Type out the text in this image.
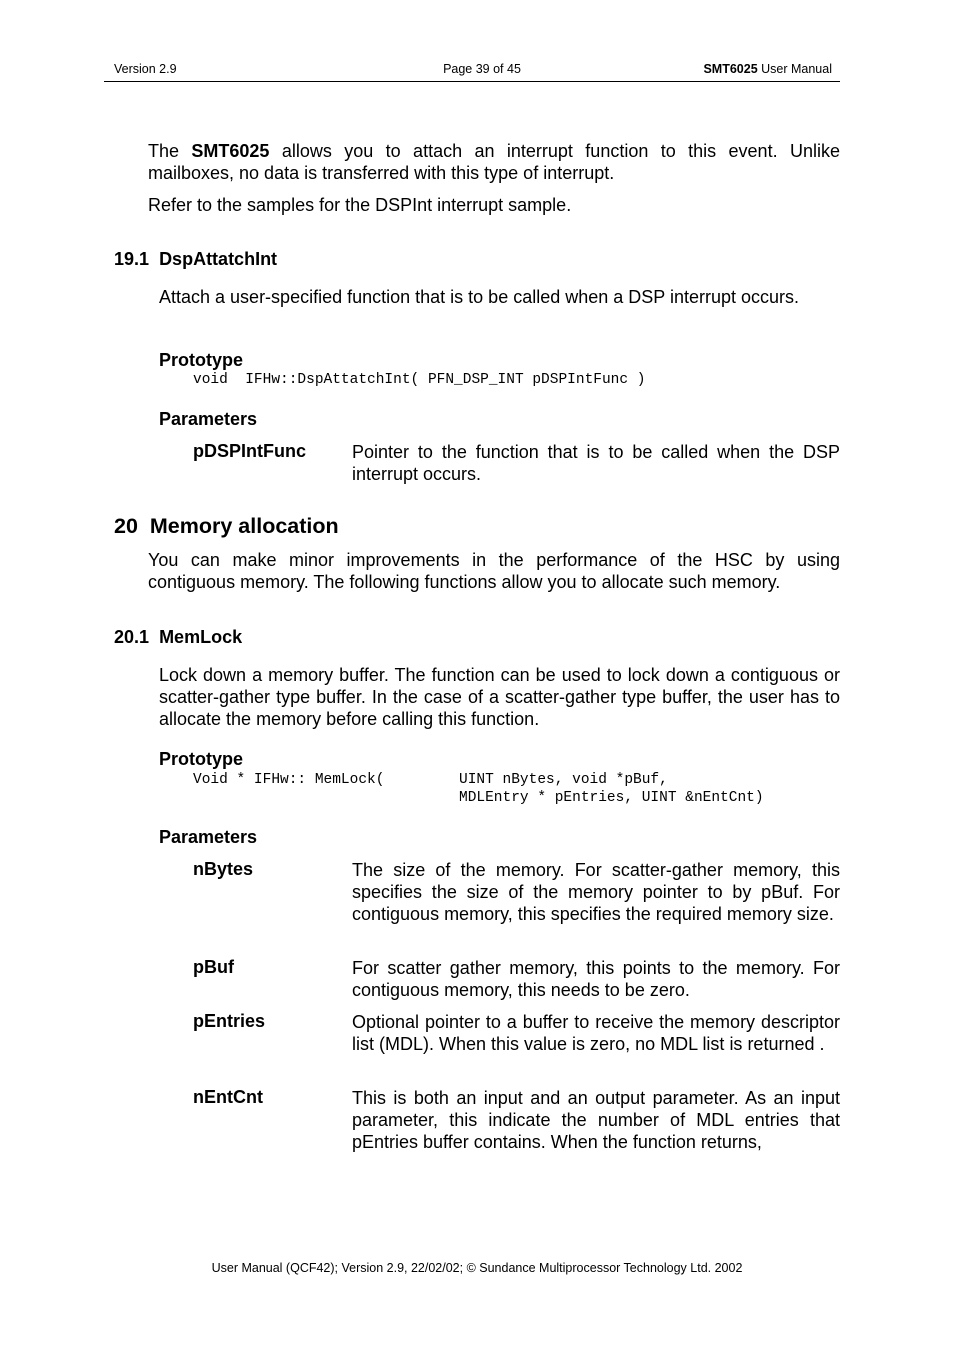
Version 2.9	Page 39 of 45	SMT6025 User Manual
The SMT6025 allows you to attach an interrupt function to this event. Unlike mailboxes, no data is transferred with this type of interrupt.
Refer to the samples for the DSPInt interrupt sample.
19.1 DspAttatchInt
Attach a user-specified function that is to be called when a DSP interrupt occurs.
Prototype
void  IFHw::DspAttatchInt( PFN_DSP_INT pDSPIntFunc )
Parameters
pDSPIntFunc	Pointer to the function that is to be called when the DSP interrupt occurs.
20 Memory allocation
You can make minor improvements in the performance of the HSC by using contiguous memory. The following functions allow you to allocate such memory.
20.1 MemLock
Lock down a memory buffer. The function can be used to lock down a contiguous or scatter-gather type buffer. In the case of a scatter-gather type buffer, the user has to allocate the memory before calling this function.
Prototype
Void * IFHw:: MemLock(	UINT nBytes, void *pBuf,
MDLEntry * pEntries, UINT &nEntCnt)
Parameters
nBytes	The size of the memory. For scatter-gather memory, this specifies the size of the memory pointer to by pBuf. For contiguous memory, this specifies the required memory size.
pBuf	For scatter gather memory, this points to the memory. For contiguous memory, this needs to be zero.
pEntries	Optional pointer to a buffer to receive the memory descriptor list (MDL). When this value is zero, no MDL list is returned .
nEntCnt	This is both an input and an output parameter. As an input parameter, this indicate the number of MDL entries that pEntries buffer contains. When the function returns,
User Manual (QCF42); Version 2.9, 22/02/02; © Sundance Multiprocessor Technology Ltd. 2002
